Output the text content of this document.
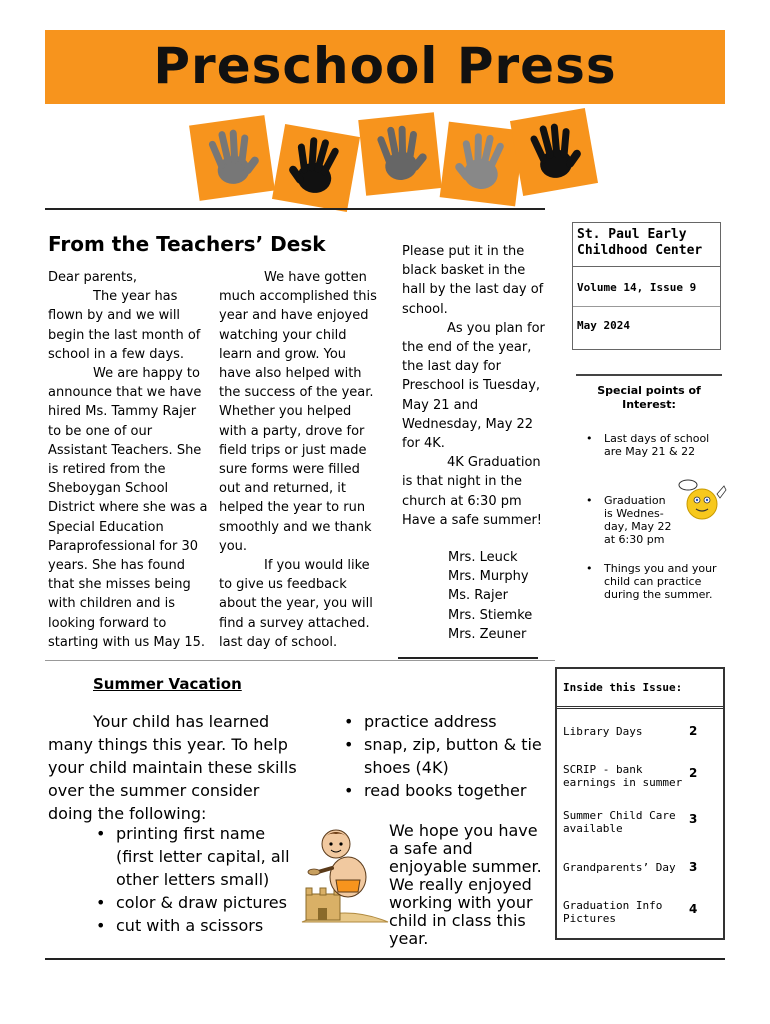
Preschool Press
From the Teachers’ Desk

Dear parents,

The year has flown by and we will begin the last month of school in a few days.

We are happy to announce that we have hired Ms. Tammy Rajer to be one of our Assistant Teachers. She is retired from the Sheboygan School District where she was a Special Education Paraprofessional for 30 years. She has found that she misses being with children and is looking forward to starting with us May 15.

We have gotten much accomplished this year and have enjoyed watching your child learn and grow. You have also helped with the success of the year. Whether you helped with a party, drove for field trips or just made sure forms were filled out and returned, it helped the year to run smoothly and we thank you.

If you would like to give us feedback about the year, you will find a survey attached. last day of school.

Please put it in the black basket in the hall by the last day of school.

As you plan for the end of the year, the last day for Preschool is Tuesday, May 21 and Wednesday, May 22 for 4K.

4K Graduation is that night in the church at 6:30 pm Have a safe summer!

Mrs. Leuck
Mrs. Murphy
Ms. Rajer
Mrs. Stiemke
Mrs. Zeuner
St. Paul Early Childhood Center
Volume 14, Issue 9
May 2024
Special points of Interest:
• Last days of school are May 21 & 22
• Graduation is Wednes- day, May 22 at 6:30 pm
• Things you and your child can practice during the summer.
Inside this Issue:
Library Days	2
SCRIP - bank earnings in summer
2
Summer Child Care available
3
Grandparents’ Day	3
Graduation Info Pictures
4
Summer Vacation

Your child has learned many things this year. To help your child maintain these skills over the summer consider doing the following:

• printing first name (first letter capital, all other letters small)
• color & draw pictures
• cut with a scissors
• practice address
• snap, zip, button & tie shoes (4K)
• read books together

We hope you have a safe and enjoyable summer. We really enjoyed working with your child in class this year.
